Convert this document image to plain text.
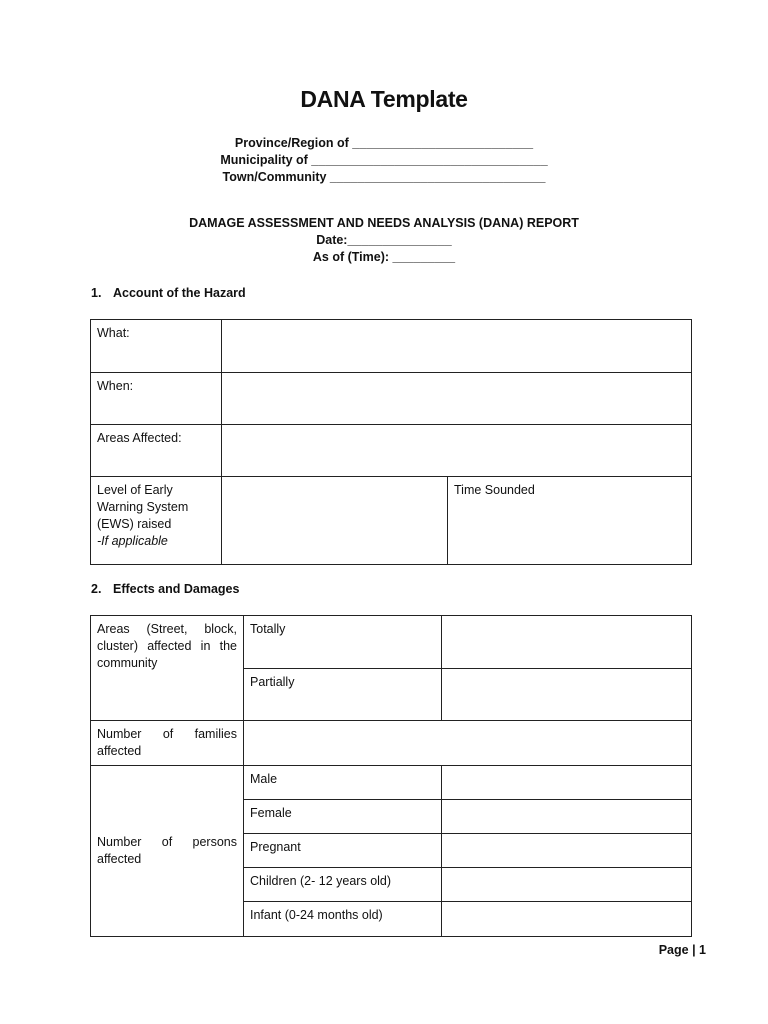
DANA Template
Province/Region of __________________________
Municipality of __________________________________
Town/Community _______________________________
DAMAGE ASSESSMENT AND NEEDS ANALYSIS (DANA) REPORT
Date:_______________
As of (Time): _________
1. Account of the Hazard
What:		
When:		
Areas Affected:		

Level of Early
Warning System
(EWS) raised
-If applicable		Time Sounded
2. Effects and Damages
Areas (Street, block, cluster) affected in the community	Totally	
	Partially	
Number of families affected		
Number of persons affected	Male	
	Female	
	Pregnant	
	Children (2- 12 years old)	
	Infant (0-24 months old)	
Page | 1
